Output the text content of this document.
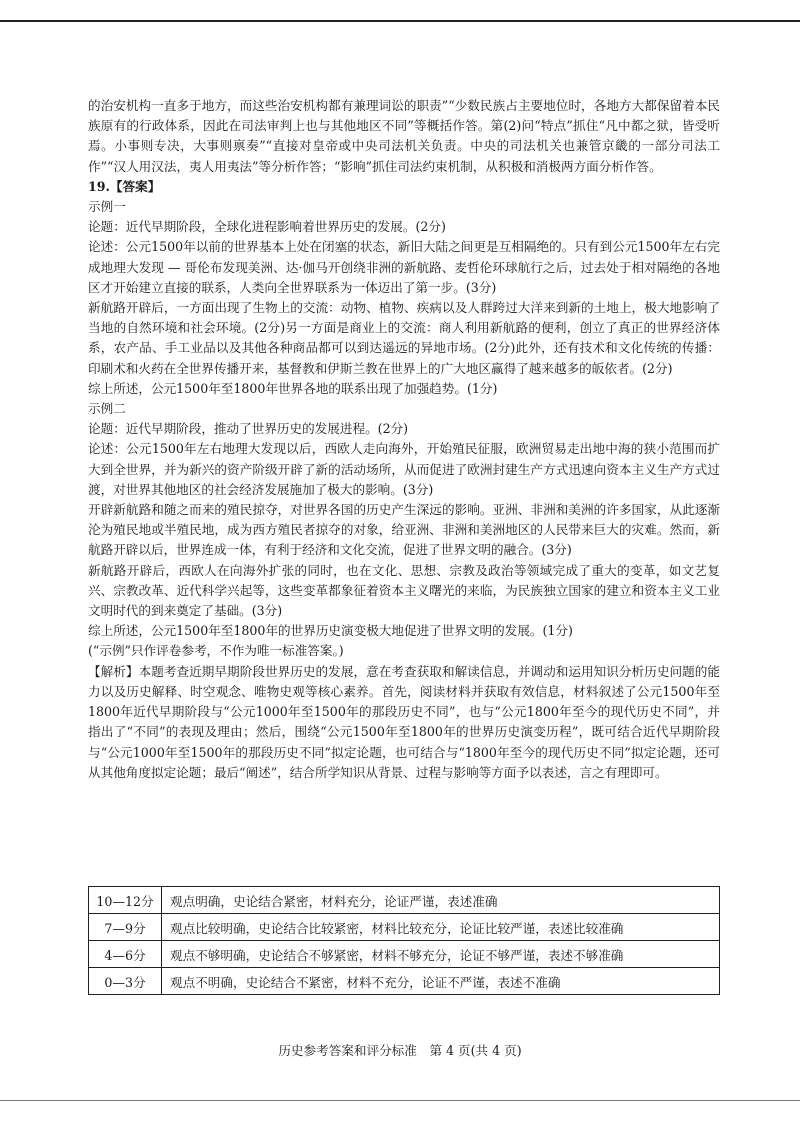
的治安机构一直多于地方，而这些治安机构都有兼理词讼的职责”“少数民族占主要地位时，各地方大都保留着本民族原有的行政体系，因此在司法审判上也与其他地区不同”等概括作答。第(2)问“特点”抓住“凡中都之狱，皆受听焉。小事则专决，大事则禀奏”“直接对皇帝或中央司法机关负责。中央的司法机关也兼管京畿的一部分司法工作”“汉人用汉法，夷人用夷法”等分析作答；“影响”抓住司法约束机制，从积极和消极两方面分析作答。

19.【答案】

示例一

论题：近代早期阶段，全球化进程影响着世界历史的发展。(2分)

论述：公元1500年以前的世界基本上处在闭塞的状态，新旧大陆之间更是互相隔绝的。只有到公元1500年左右完成地理大发现 — 哥伦布发现美洲、达·伽马开创绕非洲的新航路、麦哲伦环球航行之后，过去处于相对隔绝的各地区才开始建立直接的联系，人类向全世界联系为一体迈出了第一步。(3分)

新航路开辟后，一方面出现了生物上的交流：动物、植物、疾病以及人群跨过大洋来到新的土地上，极大地影响了当地的自然环境和社会环境。(2分)另一方面是商业上的交流：商人利用新航路的便利，创立了真正的世界经济体系，农产品、手工业品以及其他各种商品都可以到达遥远的异地市场。(2分)此外，还有技术和文化传统的传播：印刷术和火药在全世界传播开来，基督教和伊斯兰教在世界上的广大地区赢得了越来越多的皈依者。(2分)

综上所述，公元1500年至1800年世界各地的联系出现了加强趋势。(1分)

示例二

论题：近代早期阶段，推动了世界历史的发展进程。(2分)

论述：公元1500年左右地理大发现以后，西欧人走向海外，开始殖民征服，欧洲贸易走出地中海的狭小范围而扩大到全世界，并为新兴的资产阶级开辟了新的活动场所，从而促进了欧洲封建生产方式迅速向资本主义生产方式过渡，对世界其他地区的社会经济发展施加了极大的影响。(3分)

开辟新航路和随之而来的殖民掠夺，对世界各国的历史产生深远的影响。亚洲、非洲和美洲的许多国家，从此逐渐沦为殖民地或半殖民地，成为西方殖民者掠夺的对象，给亚洲、非洲和美洲地区的人民带来巨大的灾难。然而，新航路开辟以后，世界连成一体，有利于经济和文化交流，促进了世界文明的融合。(3分)

新航路开辟后，西欧人在向海外扩张的同时，也在文化、思想、宗教及政治等领域完成了重大的变革，如文艺复兴、宗教改革、近代科学兴起等，这些变革都象征着资本主义曙光的来临，为民族独立国家的建立和资本主义工业文明时代的到来奠定了基础。(3分)

综上所述，公元1500年至1800年的世界历史演变极大地促进了世界文明的发展。(1分)

(“示例”只作评卷参考，不作为唯一标准答案。)

【解析】本题考查近期早期阶段世界历史的发展，意在考查获取和解读信息，并调动和运用知识分析历史问题的能力以及历史解释、时空观念、唯物史观等核心素养。首先，阅读材料并获取有效信息，材料叙述了公元1500年至1800年近代早期阶段与“公元1000年至1500年的那段历史不同”，也与“公元1800年至今的现代历史不同”，并指出了“不同”的表现及理由；然后，围绕“公元1500年至1800年的世界历史演变历程”，既可结合近代早期阶段与“公元1000年至1500年的那段历史不同”拟定论题，也可结合与“1800年至今的现代历史不同”拟定论题，还可从其他角度拟定论题；最后“阐述”，结合所学知识从背景、过程与影响等方面予以表述，言之有理即可。

10—12分	观点明确，史论结合紧密，材料充分，论证严谨，表述准确
7—9分	观点比较明确，史论结合比较紧密，材料比较充分，论证比较严谨，表述比较准确
4—6分	观点不够明确，史论结合不够紧密，材料不够充分，论证不够严谨，表述不够准确
0—3分	观点不明确，史论结合不紧密，材料不充分，论证不严谨，表述不准确
历史参考答案和评分标准　第 4 页(共 4 页)
